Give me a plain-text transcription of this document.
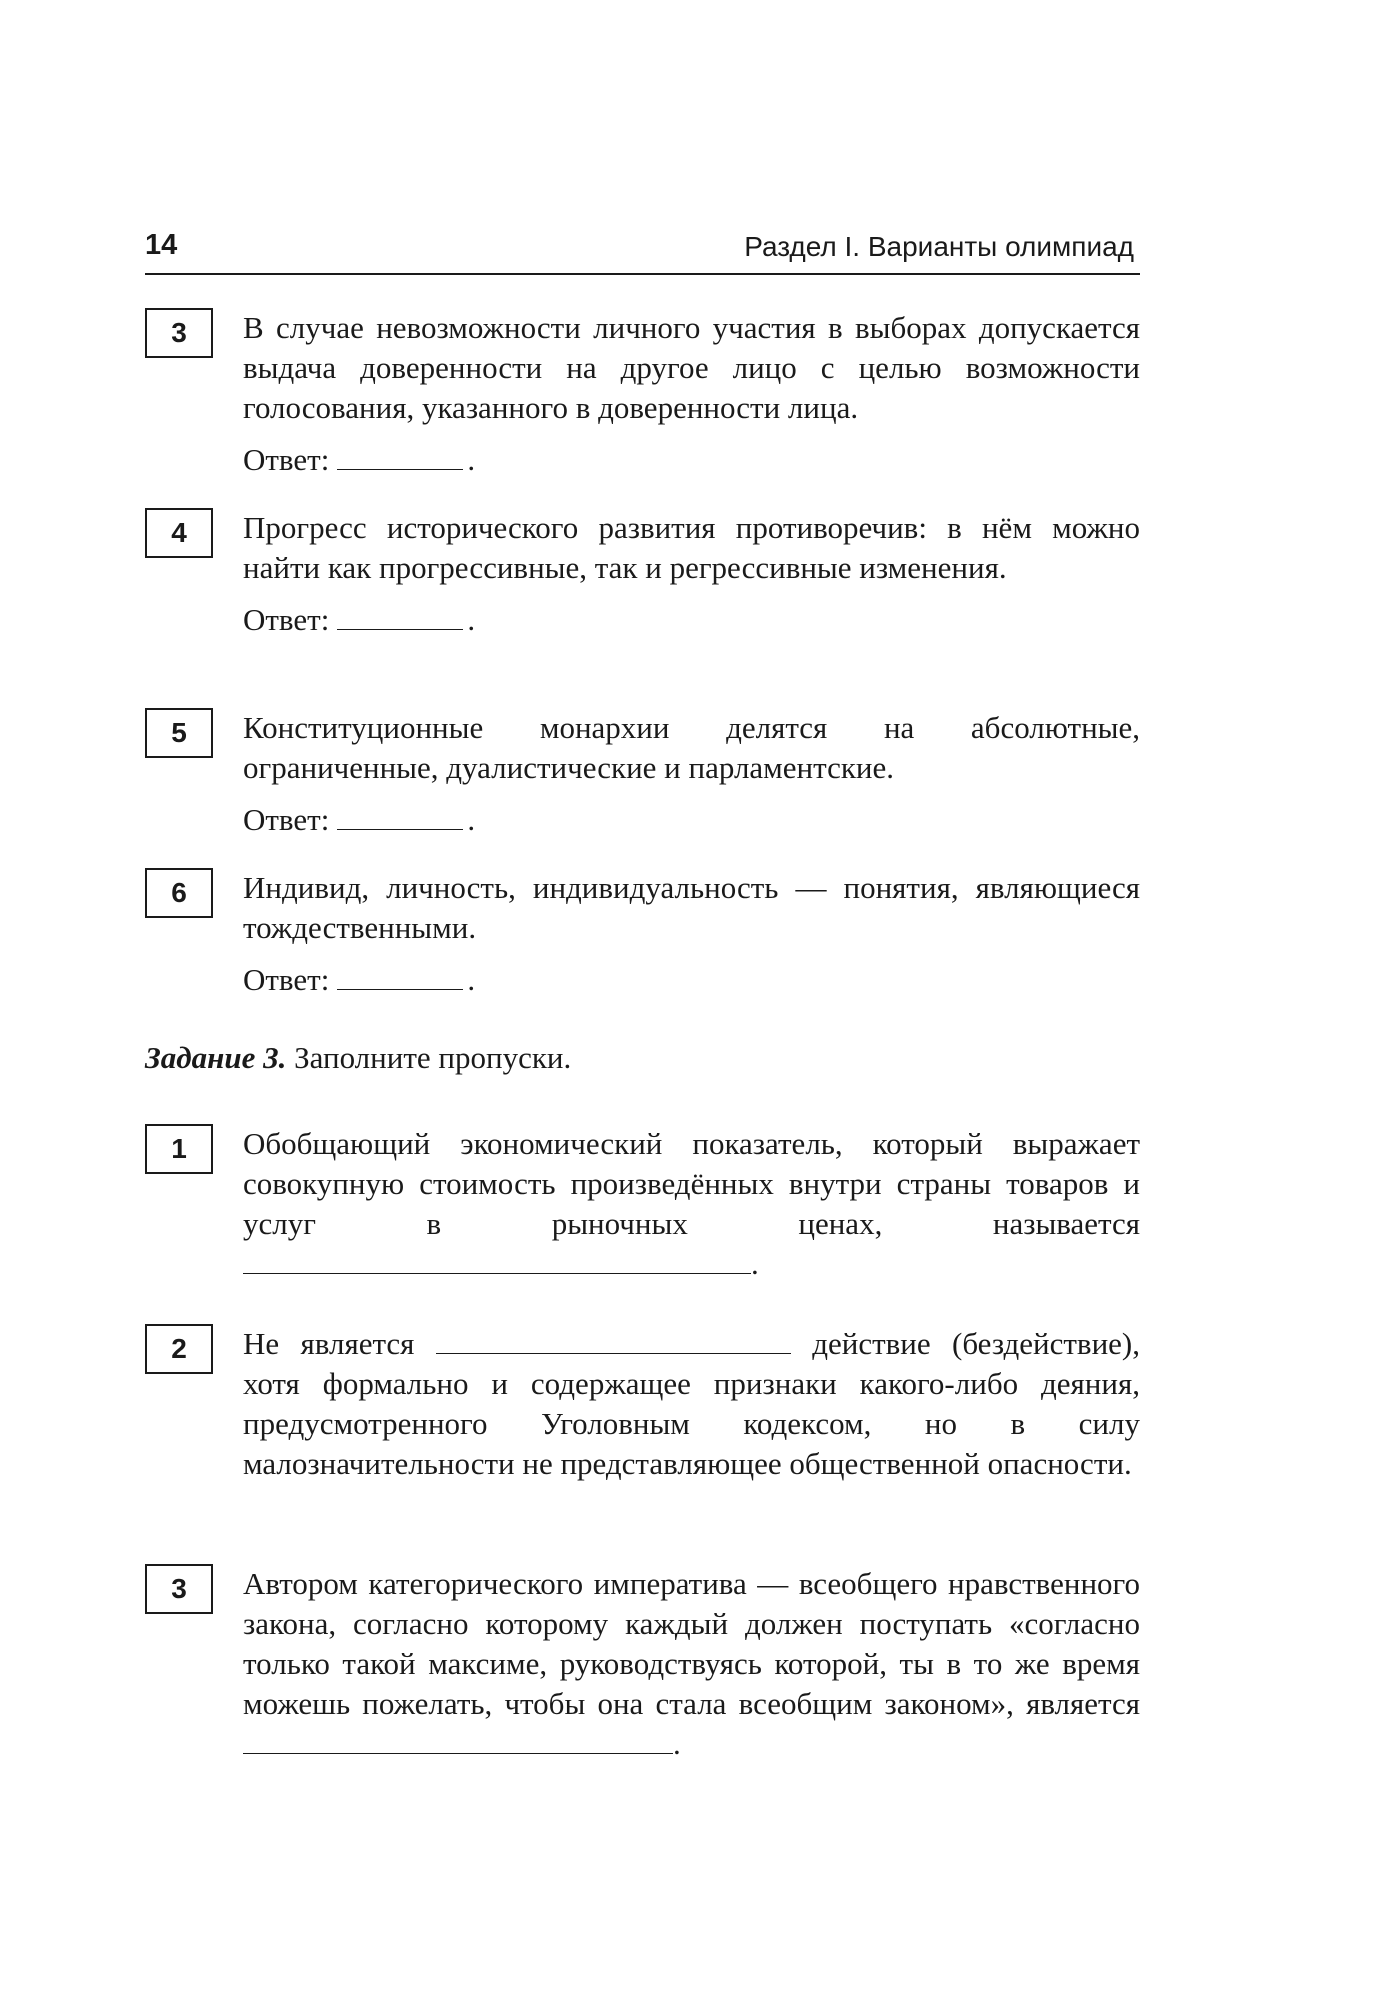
14	Раздел I. Варианты олимпиад
3	В случае невозможности личного участия в выборах допускается выдача доверенности на другое лицо с целью возможности голосования, указанного в доверенности лица.
Ответ:	.
4	Прогресс исторического развития противоречив: в нём можно найти как прогрессивные, так и регрессивные изменения.
Ответ:	.
5	Конституционные монархии делятся на абсолютные, ограниченные, дуалистические и парламентские.
Ответ:	.
6	Индивид, личность, индивидуальность — понятия, являющиеся тождественными.
Ответ:	.
Задание 3. Заполните пропуски.
1	Обобщающий экономический показатель, который выражает совокупную стоимость произведённых внутри страны товаров и услуг в рыночных ценах, называется .
2	Не является	действие (бездействие), хотя формально и содержащее признаки какого-либо деяния, предусмотренного Уголовным кодексом, но в силу малозначительности не представляющее общественной опасности.
3	Автором категорического императива — всеобщего нравственного закона, согласно которому каждый должен поступать «согласно только такой максиме, руководствуясь которой, ты в то же время можешь пожелать, чтобы она стала всеобщим законом», является .
